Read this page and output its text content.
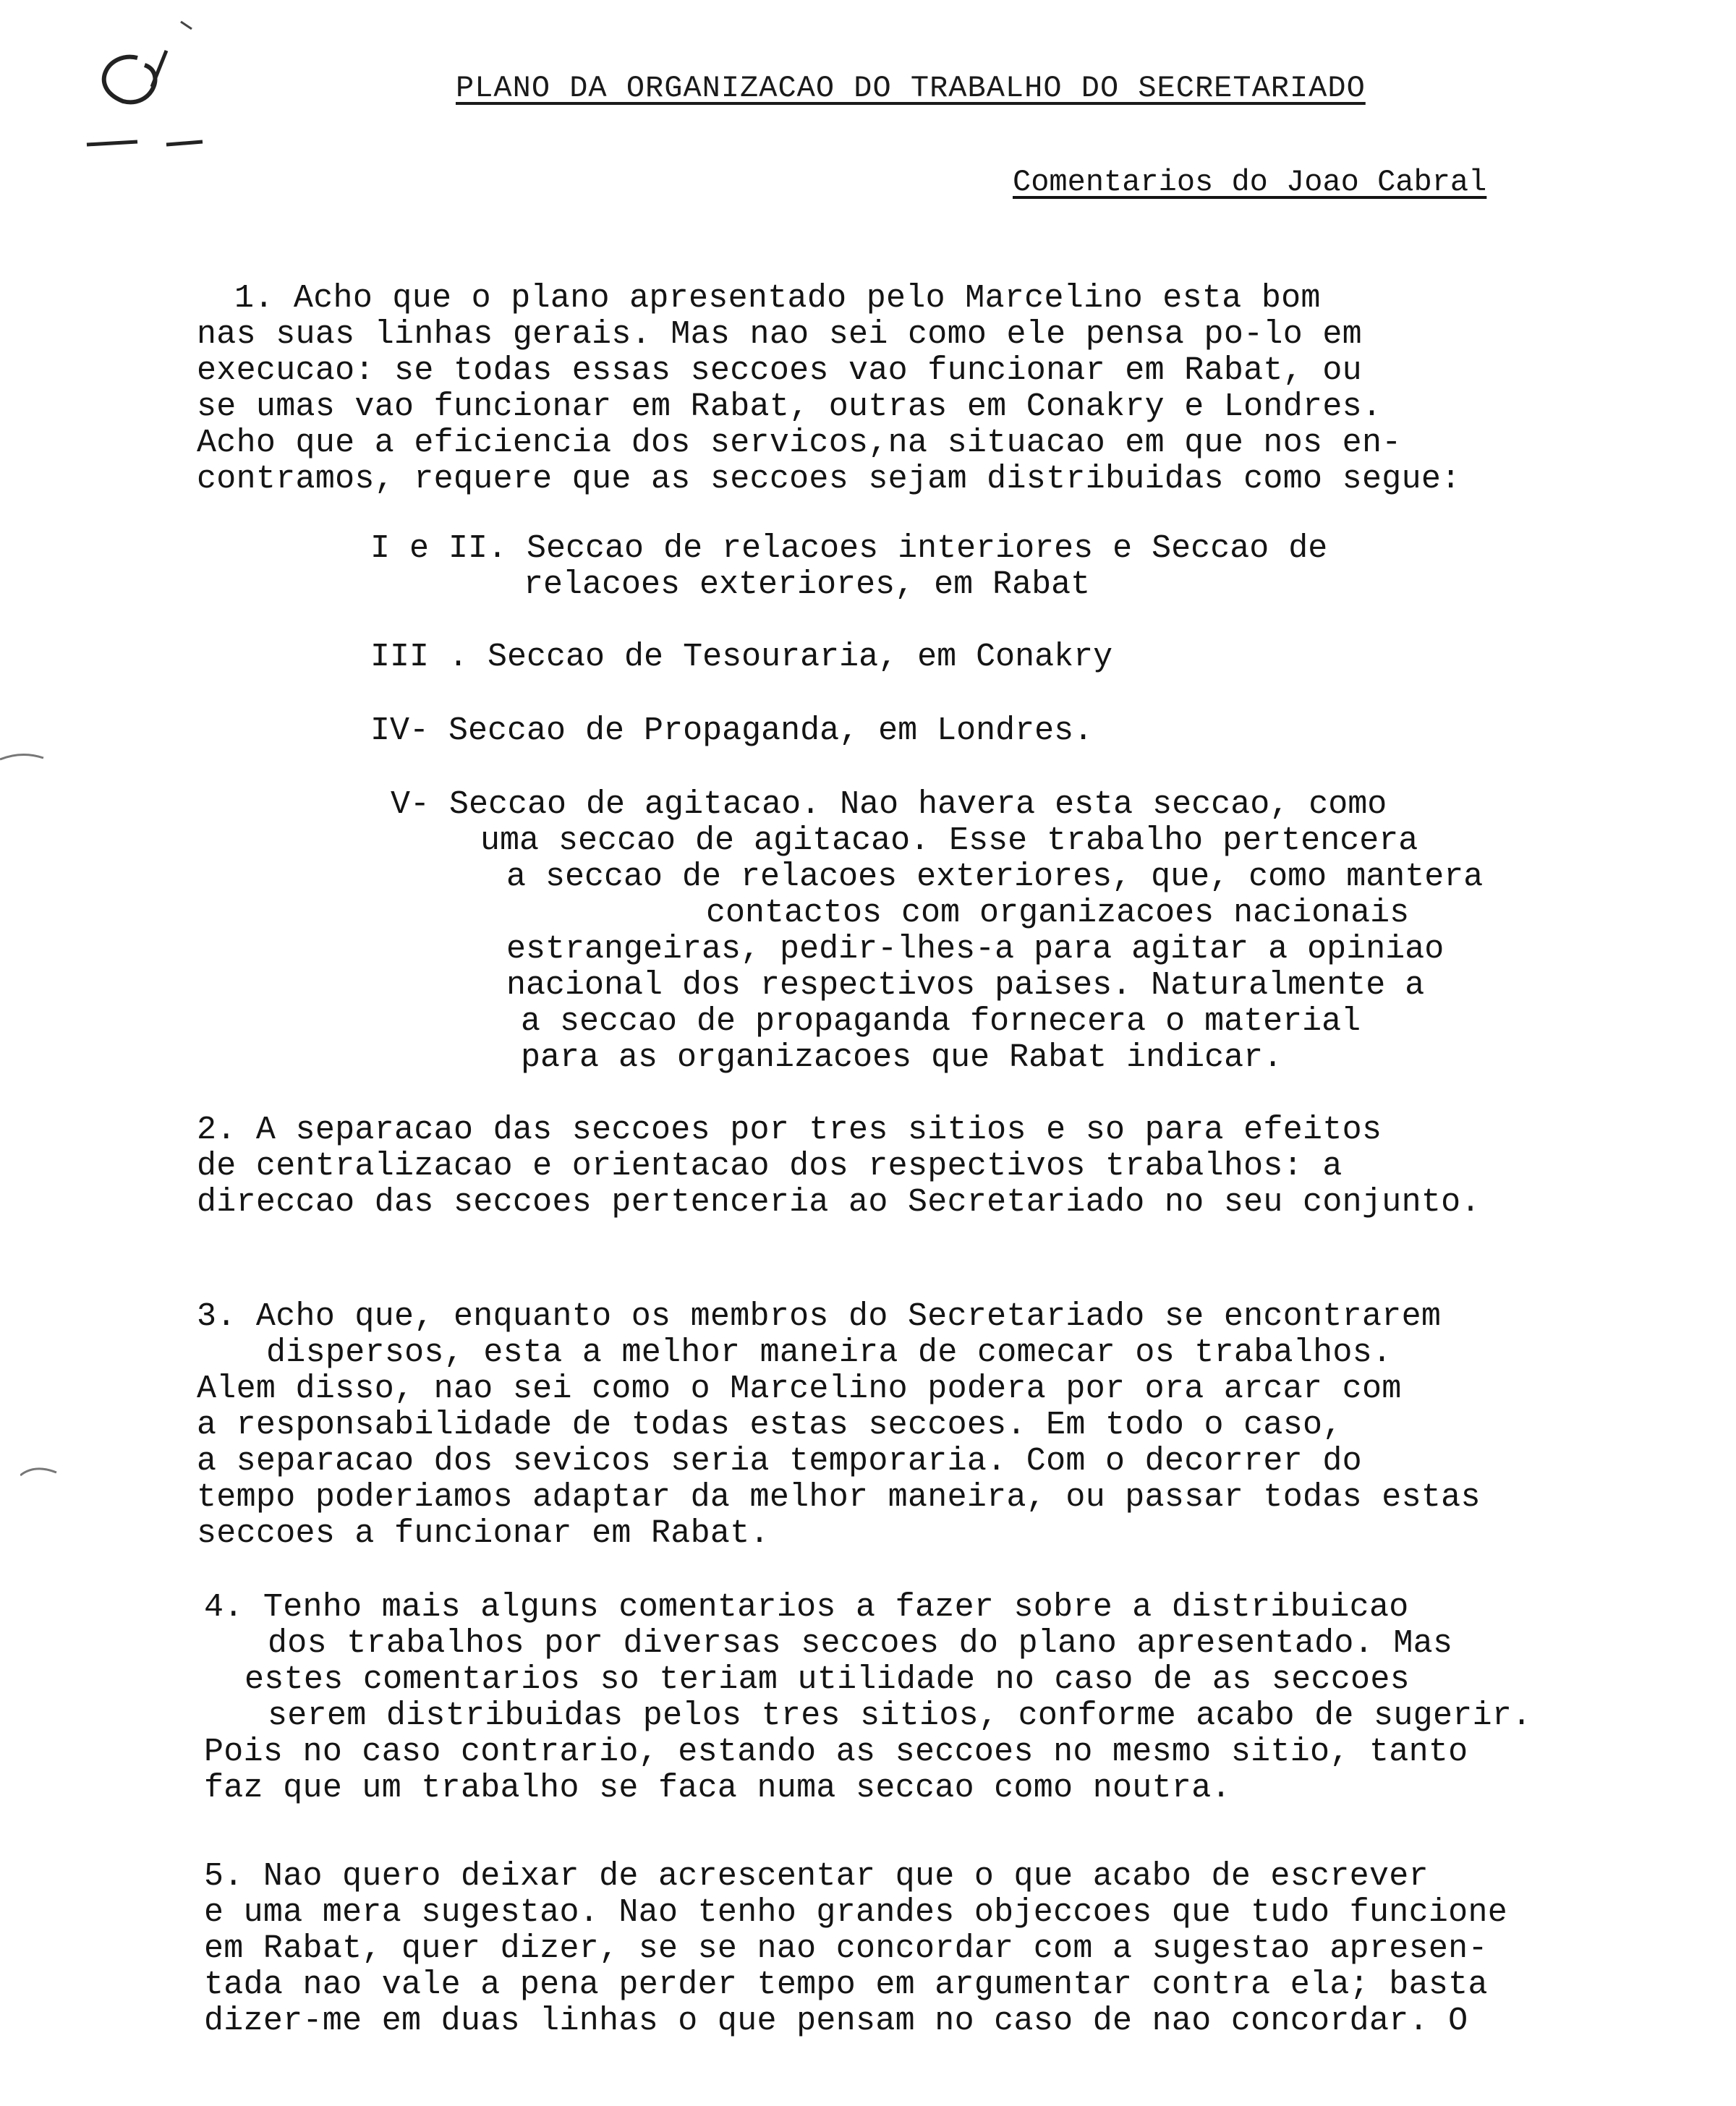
PLANO DA ORGANIZACAO DO TRABALHO DO SECRETARIADO
Comentarios do Joao Cabral
1. Acho que o plano apresentado pelo Marcelino esta bom
nas suas linhas gerais. Mas nao sei como ele pensa po-lo em
execucao: se todas essas seccoes vao funcionar em Rabat, ou
se umas vao funcionar em Rabat, outras em Conakry e Londres.
Acho que a eficiencia dos servicos,na situacao em que nos en-
contramos, requere que as seccoes sejam distribuidas como segue:
I e II. Seccao de relacoes interiores e Seccao de
relacoes exteriores, em Rabat
III . Seccao de Tesouraria, em Conakry
IV- Seccao de Propaganda, em Londres.
V- Seccao de agitacao. Nao havera esta seccao, como
uma seccao de agitacao. Esse trabalho pertencera
a seccao de relacoes exteriores, que, como mantera
contactos com organizacoes nacionais
estrangeiras, pedir-lhes-a para agitar a opiniao
nacional dos respectivos paises. Naturalmente a
a seccao de propaganda fornecera o material
para as organizacoes que Rabat indicar.
2. A separacao das seccoes por tres sitios e so para efeitos
de centralizacao e orientacao dos respectivos trabalhos: a
direccao das seccoes pertenceria ao Secretariado no seu conjunto.
3. Acho que, enquanto os membros do Secretariado se encontrarem
dispersos, esta a melhor maneira de comecar os trabalhos.
Alem disso, nao sei como o Marcelino podera por ora arcar com
a responsabilidade de todas estas seccoes. Em todo o caso,
a separacao dos sevicos seria temporaria. Com o decorrer do
tempo poderiamos adaptar da melhor maneira, ou passar todas estas
seccoes a funcionar em Rabat.
4. Tenho mais alguns comentarios a fazer sobre a distribuicao
dos trabalhos por diversas seccoes do plano apresentado. Mas
estes comentarios so teriam utilidade no caso de as seccoes
serem distribuidas pelos tres sitios, conforme acabo de sugerir.
Pois no caso contrario, estando as seccoes no mesmo sitio, tanto
faz que um trabalho se faca numa seccao como noutra.
5. Nao quero deixar de acrescentar que o que acabo de escrever
e uma mera sugestao. Nao tenho grandes objeccoes que tudo funcione
em Rabat, quer dizer, se se nao concordar com a sugestao apresen-
tada nao vale a pena perder tempo em argumentar contra ela; basta
dizer-me em duas linhas o que pensam no caso de nao concordar. O
